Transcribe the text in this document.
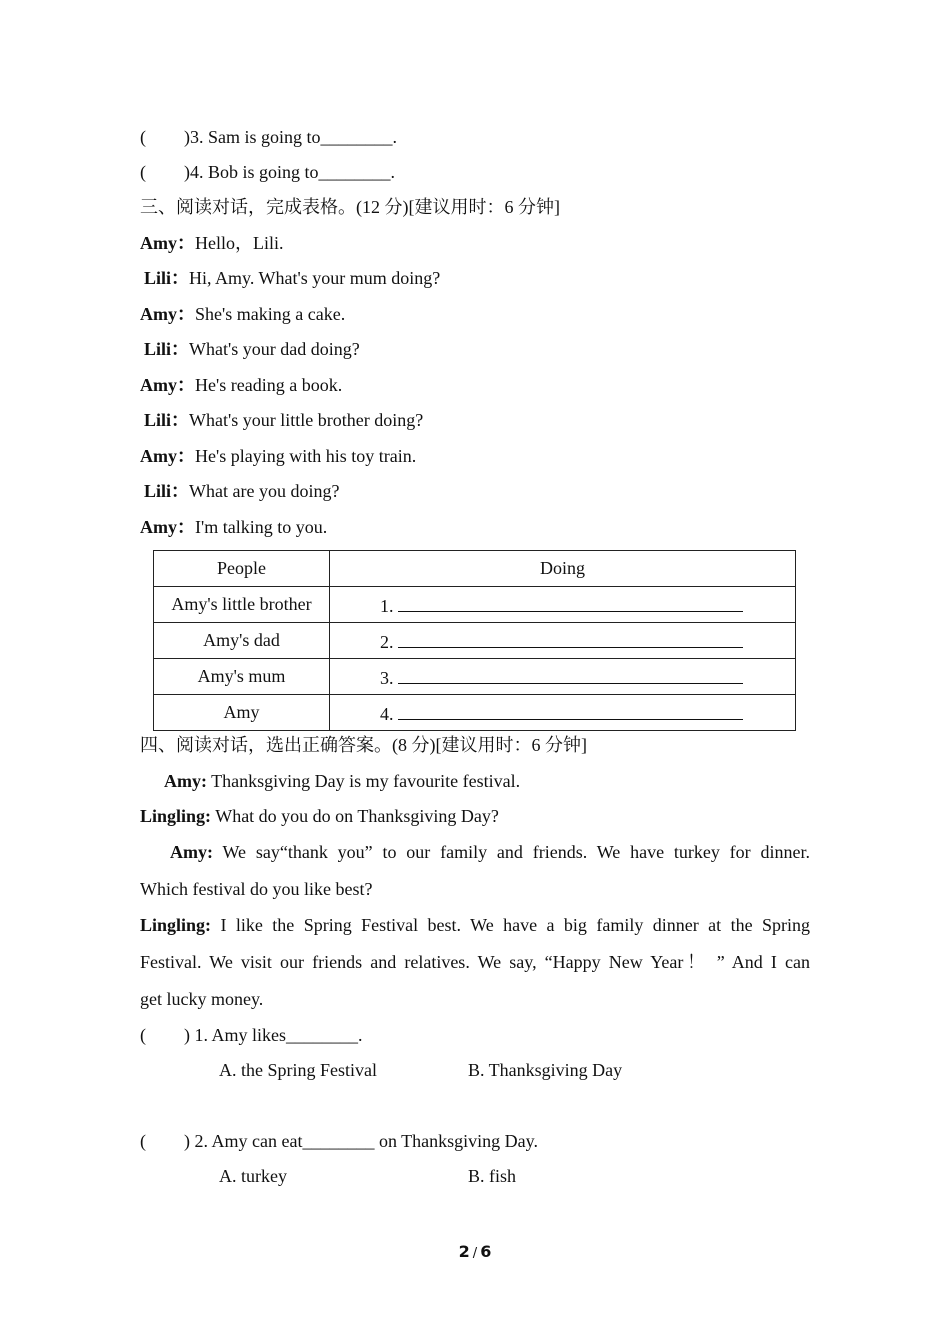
( )3. Sam is going to________.
( )4. Bob is going to________.
三、阅读对话，完成表格。(12 分)[建议用时：6 分钟]
Amy：Hello，Lili.
Lili：Hi, Amy. What's your mum doing?
Amy：She's making a cake.
Lili：What's your dad doing?
Amy：He's reading a book.
Lili：What's your little brother doing?
Amy：He's playing with his toy train.
Lili：What are you doing?
Amy：I'm talking to you.
People	Doing
Amy's little brother	1.
Amy's dad	2.
Amy's mum	3.
Amy	4.
四、阅读对话，选出正确答案。(8 分)[建议用时：6 分钟]
Amy: Thanksgiving Day is my favourite festival.
Lingling: What do you do on Thanksgiving Day?
Amy: We say“thank you” to our family and friends. We have turkey for dinner.
Which festival do you like best?
Lingling: I like the Spring Festival best. We have a big family dinner at the Spring
Festival. We visit our friends and relatives. We say, “Happy New Year！ ” And I can
get lucky money.
( ) 1. Amy likes________.
A. the Spring Festival	B. Thanksgiving Day
( ) 2. Amy can eat________ on Thanksgiving Day.
A. turkey	B. fish
2 / 6
